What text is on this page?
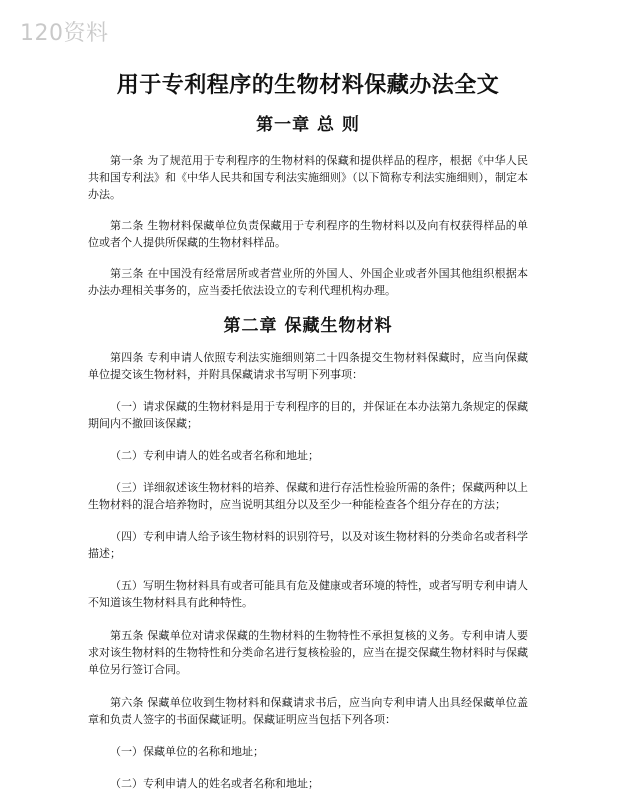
120资料
用于专利程序的生物材料保藏办法全文
第一章 总 则

第一条 为了规范用于专利程序的生物材料的保藏和提供样品的程序，根据《中华人民共和国专利法》和《中华人民共和国专利法实施细则》（以下简称专利法实施细则），制定本办法。

第二条 生物材料保藏单位负责保藏用于专利程序的生物材料以及向有权获得样品的单位或者个人提供所保藏的生物材料样品。

第三条 在中国没有经常居所或者营业所的外国人、外国企业或者外国其他组织根据本办法办理相关事务的，应当委托依法设立的专利代理机构办理。

第二章 保藏生物材料

第四条 专利申请人依照专利法实施细则第二十四条提交生物材料保藏时，应当向保藏单位提交该生物材料，并附具保藏请求书写明下列事项：

（一）请求保藏的生物材料是用于专利程序的目的，并保证在本办法第九条规定的保藏期间内不撤回该保藏；

（二）专利申请人的姓名或者名称和地址；

（三）详细叙述该生物材料的培养、保藏和进行存活性检验所需的条件；保藏两种以上生物材料的混合培养物时，应当说明其组分以及至少一种能检查各个组分存在的方法；

（四）专利申请人给予该生物材料的识别符号，以及对该生物材料的分类命名或者科学描述；

（五）写明生物材料具有或者可能具有危及健康或者环境的特性，或者写明专利申请人不知道该生物材料具有此种特性。

第五条 保藏单位对请求保藏的生物材料的生物特性不承担复核的义务。专利申请人要求对该生物材料的生物特性和分类命名进行复核检验的，应当在提交保藏生物材料时与保藏单位另行签订合同。

第六条 保藏单位收到生物材料和保藏请求书后，应当向专利申请人出具经保藏单位盖章和负责人签字的书面保藏证明。保藏证明应当包括下列各项：

（一）保藏单位的名称和地址；

（二）专利申请人的姓名或者名称和地址；
